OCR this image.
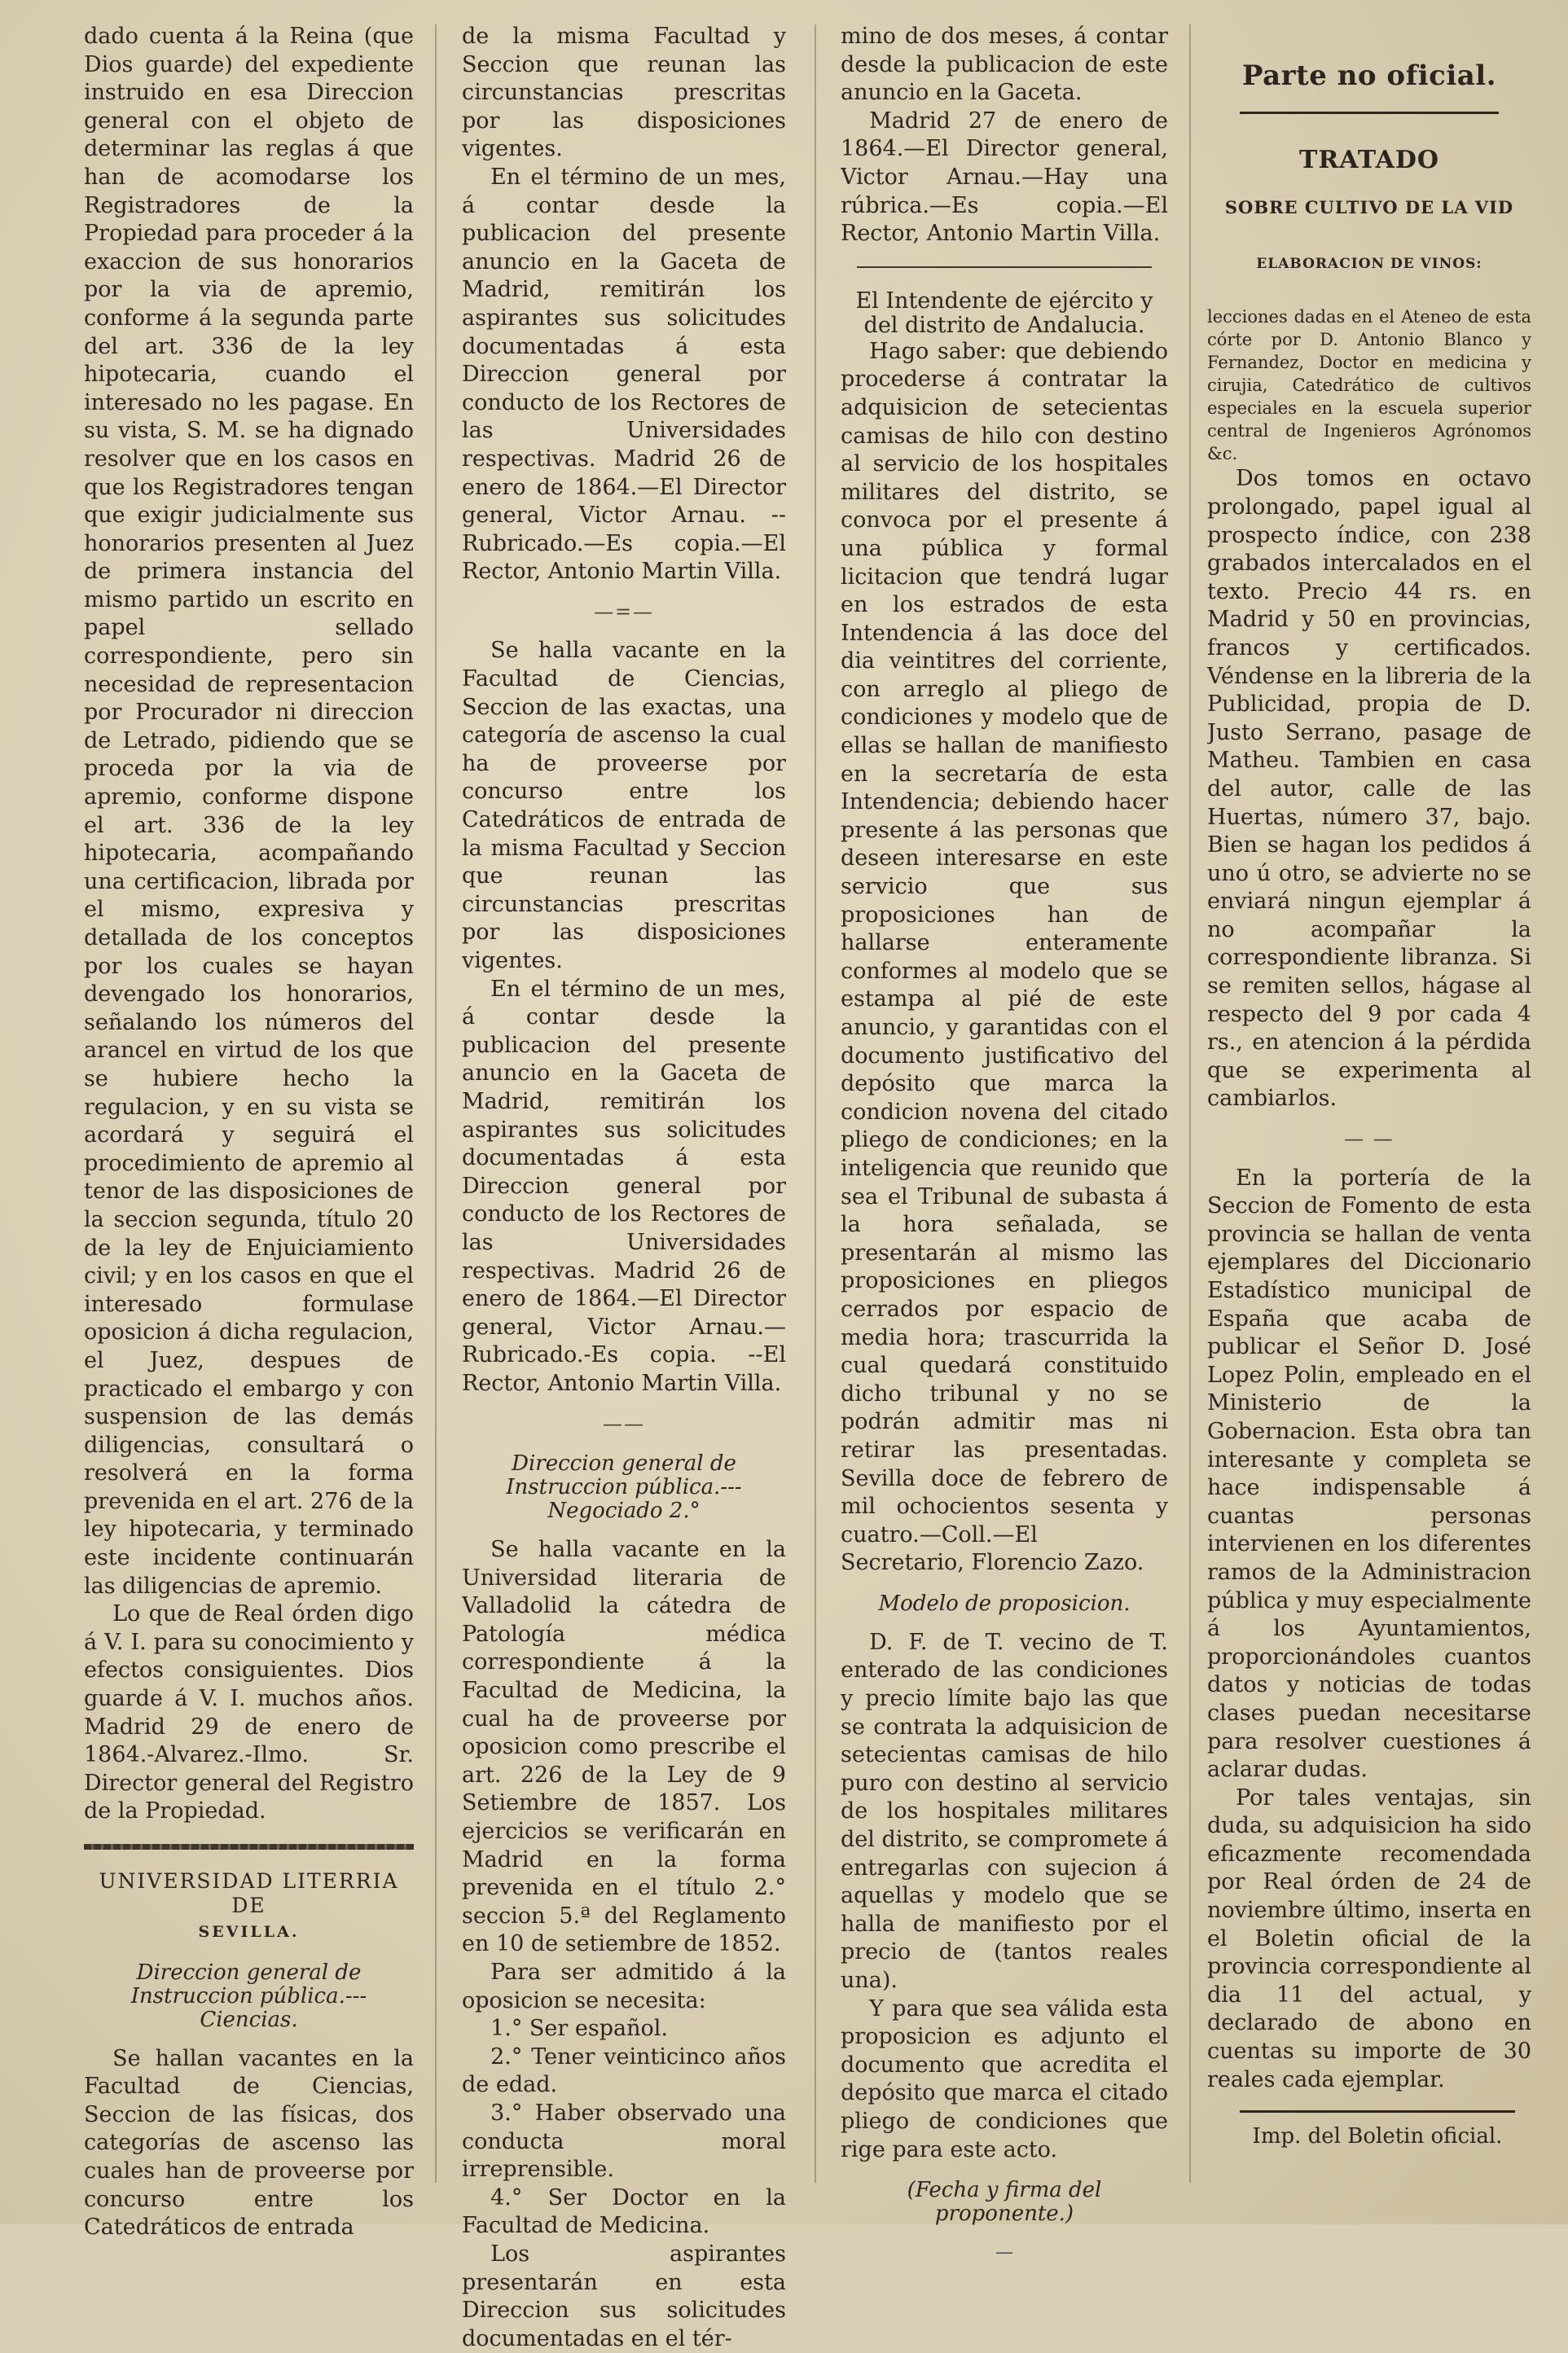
dado cuenta á la Reina (que Dios guarde) del expediente instruido en esa Direccion general con el objeto de determinar las reglas á que han de acomodarse los Registradores de la Propiedad para proceder á la exaccion de sus honorarios por la via de apremio, conforme á la segunda parte del art. 336 de la ley hipotecaria, cuando el interesado no les pagase. En su vista, S. M. se ha dignado resolver que en los casos en que los Registradores tengan que exigir judicialmente sus honorarios presenten al Juez de primera instancia del mismo partido un escrito en papel sellado correspondiente, pero sin necesidad de representacion por Procurador ni direccion de Letrado, pidiendo que se proceda por la via de apremio, conforme dispone el art. 336 de la ley hipotecaria, acompañando una certificacion, librada por el mismo, expresiva y detallada de los conceptos por los cuales se hayan devengado los honorarios, señalando los números del arancel en virtud de los que se hubiere hecho la regulacion, y en su vista se acordará y seguirá el procedimiento de apremio al tenor de las disposiciones de la seccion segunda, título 20 de la ley de Enjuiciamiento civil; y en los casos en que el interesado formulase oposicion á dicha regulacion, el Juez, despues de practicado el embargo y con suspension de las demás diligencias, consultará o resolverá en la forma prevenida en el art. 276 de la ley hipotecaria, y terminado este incidente continuarán las diligencias de apremio.

Lo que de Real órden digo á V. I. para su conocimiento y efectos consiguientes. Dios guarde á V. I. muchos años. Madrid 29 de enero de 1864.-Alvarez.-Ilmo. Sr. Director general del Registro de la Propiedad.

UNIVERSIDAD LITERRIA DE
SEVILLA.
Direccion general de Instruccion pública.---Ciencias.

Se hallan vacantes en la Facultad de Ciencias, Seccion de las físicas, dos categorías de ascenso las cuales han de proveerse por concurso entre los Catedráticos de entrada

de la misma Facultad y Seccion que reunan las circunstancias prescritas por las disposiciones vigentes.

En el término de un mes, á contar desde la publicacion del presente anuncio en la Gaceta de Madrid, remitirán los aspirantes sus solicitudes documentadas á esta Direccion general por conducto de los Rectores de las Universidades respectivas. Madrid 26 de enero de 1864.—El Director general, Victor Arnau. --Rubricado.—Es copia.—El Rector, Antonio Martin Villa.

—=—

Se halla vacante en la Facultad de Ciencias, Seccion de las exactas, una categoría de ascenso la cual ha de proveerse por concurso entre los Catedráticos de entrada de la misma Facultad y Seccion que reunan las circunstancias prescritas por las disposiciones vigentes.

En el término de un mes, á contar desde la publicacion del presente anuncio en la Gaceta de Madrid, remitirán los aspirantes sus solicitudes documentadas á esta Direccion general por conducto de los Rectores de las Universidades respectivas. Madrid 26 de enero de 1864.—El Director general, Victor Arnau.—Rubricado.-Es copia. --El Rector, Antonio Martin Villa.

——
Direccion general de Instruccion pública.---Negociado 2.°

Se halla vacante en la Universidad literaria de Valladolid la cátedra de Patología médica correspondiente á la Facultad de Medicina, la cual ha de proveerse por oposicion como prescribe el art. 226 de la Ley de 9 Setiembre de 1857. Los ejercicios se verificarán en Madrid en la forma prevenida en el título 2.° seccion 5.ª del Reglamento en 10 de setiembre de 1852.

Para ser admitido á la oposicion se necesita:

1.° Ser español.

2.° Tener veinticinco años de edad.

3.° Haber observado una conducta moral irreprensible.

4.° Ser Doctor en la Facultad de Medicina.

Los aspirantes presentarán en esta Direccion sus solicitudes documentadas en el tér-

mino de dos meses, á contar desde la publicacion de este anuncio en la Gaceta.

Madrid 27 de enero de 1864.—El Director general, Victor Arnau.—Hay una rúbrica.—Es copia.—El Rector, Antonio Martin Villa.

El Intendente de ejército y del distrito de Andalucia.

Hago saber: que debiendo procederse á contratar la adquisicion de setecientas camisas de hilo con destino al servicio de los hospitales militares del distrito, se convoca por el presente á una pública y formal licitacion que tendrá lugar en los estrados de esta Intendencia á las doce del dia veintitres del corriente, con arreglo al pliego de condiciones y modelo que de ellas se hallan de manifiesto en la secretaría de esta Intendencia; debiendo hacer presente á las personas que deseen interesarse en este servicio que sus proposiciones han de hallarse enteramente conformes al modelo que se estampa al pié de este anuncio, y garantidas con el documento justificativo del depósito que marca la condicion novena del citado pliego de condiciones; en la inteligencia que reunido que sea el Tribunal de subasta á la hora señalada, se presentarán al mismo las proposiciones en pliegos cerrados por espacio de media hora; trascurrida la cual quedará constituido dicho tribunal y no se podrán admitir mas ni retirar las presentadas. Sevilla doce de febrero de mil ochocientos sesenta y cuatro.—Coll.—El Secretario, Florencio Zazo.

Modelo de proposicion.

D. F. de T. vecino de T. enterado de las condiciones y precio límite bajo las que se contrata la adquisicion de setecientas camisas de hilo puro con destino al servicio de los hospitales militares del distrito, se compromete á entregarlas con sujecion á aquellas y modelo que se halla de manifiesto por el precio de (tantos reales una).

Y para que sea válida esta proposicion es adjunto el documento que acredita el depósito que marca el citado pliego de condiciones que rige para este acto.

(Fecha y firma del proponente.)
—
Parte no oficial.
TRATADO
SOBRE CULTIVO DE LA VID
ELABORACION DE VINOS:
lecciones dadas en el Ateneo de esta córte por D. Antonio Blanco y Fernandez, Doctor en medicina y cirujia, Catedrático de cultivos especiales en la escuela superior central de Ingenieros Agrónomos &c.

Dos tomos en octavo prolongado, papel igual al prospecto índice, con 238 grabados intercalados en el texto. Precio 44 rs. en Madrid y 50 en provincias, francos y certificados. Véndense en la libreria de la Publicidad, propia de D. Justo Serrano, pasage de Matheu. Tambien en casa del autor, calle de las Huertas, número 37, bajo. Bien se hagan los pedidos á uno ú otro, se advierte no se enviará ningun ejemplar á no acompañar la correspondiente libranza. Si se remiten sellos, hágase al respecto del 9 por cada 4 rs., en atencion á la pérdida que se experimenta al cambiarlos.

— —

En la portería de la Seccion de Fomento de esta provincia se hallan de venta ejemplares del Diccionario Estadístico municipal de España que acaba de publicar el Señor D. José Lopez Polin, empleado en el Ministerio de la Gobernacion. Esta obra tan interesante y completa se hace indispensable á cuantas personas intervienen en los diferentes ramos de la Administracion pública y muy especialmente á los Ayuntamientos, proporcionándoles cuantos datos y noticias de todas clases puedan necesitarse para resolver cuestiones á aclarar dudas.

Por tales ventajas, sin duda, su adquisicion ha sido eficazmente recomendada por Real órden de 24 de noviembre último, inserta en el Boletin oficial de la provincia correspondiente al dia 11 del actual, y declarado de abono en cuentas su importe de 30 reales cada ejemplar.

Imp. del Boletin oficial.
